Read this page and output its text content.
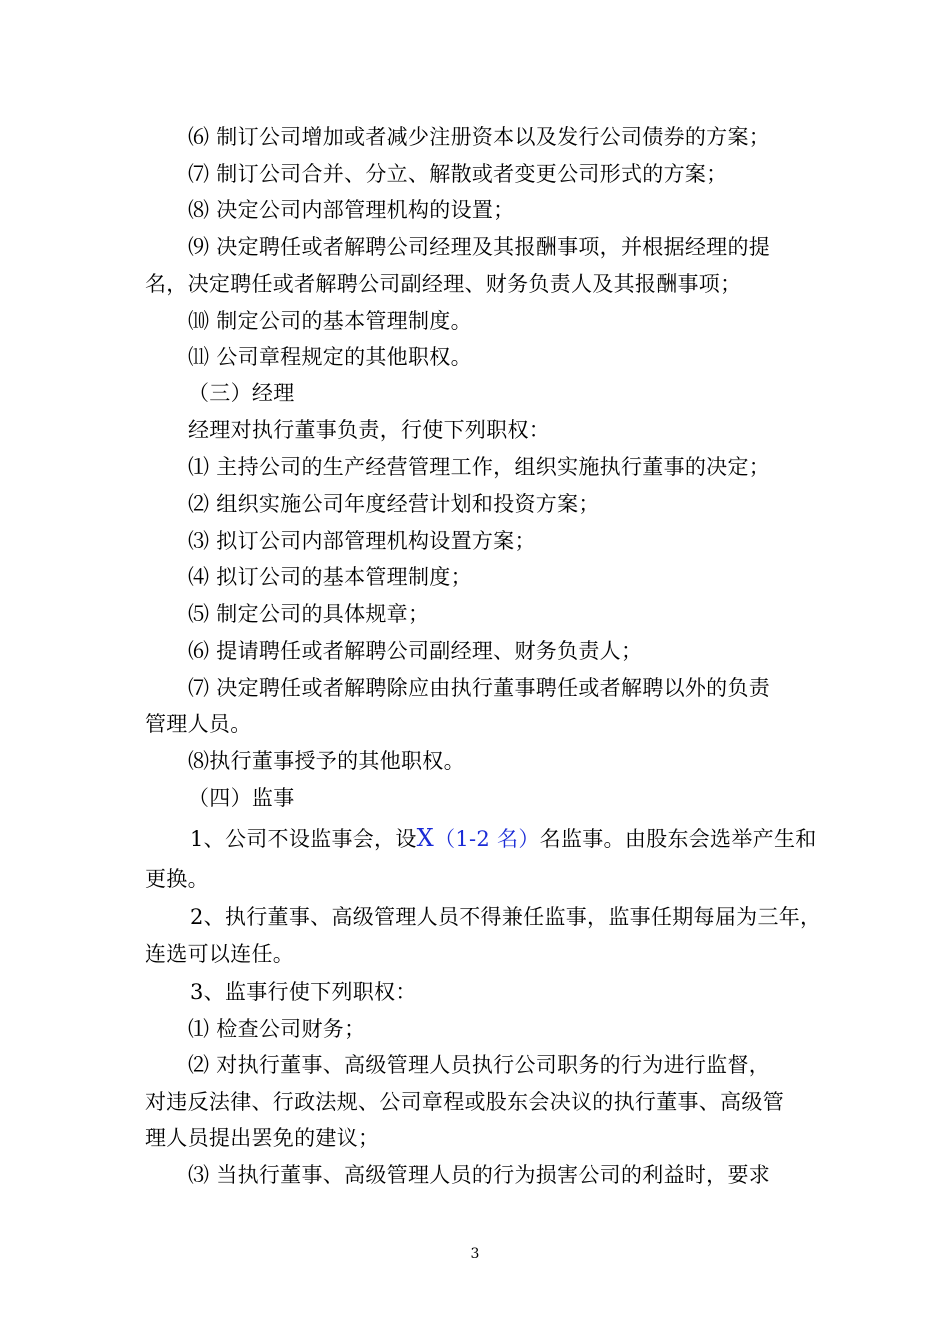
⑹ 制订公司增加或者减少注册资本以及发行公司债券的方案；
⑺ 制订公司合并、分立、解散或者变更公司形式的方案；
⑻ 决定公司内部管理机构的设置；
⑼ 决定聘任或者解聘公司经理及其报酬事项，并根据经理的提
名，决定聘任或者解聘公司副经理、财务负责人及其报酬事项；
⑽ 制定公司的基本管理制度。
⑾ 公司章程规定的其他职权。
（三）经理
经理对执行董事负责，行使下列职权：
⑴ 主持公司的生产经营管理工作，组织实施执行董事的决定；
⑵ 组织实施公司年度经营计划和投资方案；
⑶ 拟订公司内部管理机构设置方案；
⑷ 拟订公司的基本管理制度；
⑸ 制定公司的具体规章；
⑹ 提请聘任或者解聘公司副经理、财务负责人；
⑺ 决定聘任或者解聘除应由执行董事聘任或者解聘以外的负责
管理人员。
⑻执行董事授予的其他职权。
（四）监事
1、公司不设监事会，设X（1-2 名）名监事。由股东会选举产生和
更换。
2、执行董事、高级管理人员不得兼任监事，监事任期每届为三年，
连选可以连任。
3、监事行使下列职权：
⑴ 检查公司财务；
⑵ 对执行董事、高级管理人员执行公司职务的行为进行监督，
对违反法律、行政法规、公司章程或股东会决议的执行董事、高级管
理人员提出罢免的建议；
⑶ 当执行董事、高级管理人员的行为损害公司的利益时，要求
3
